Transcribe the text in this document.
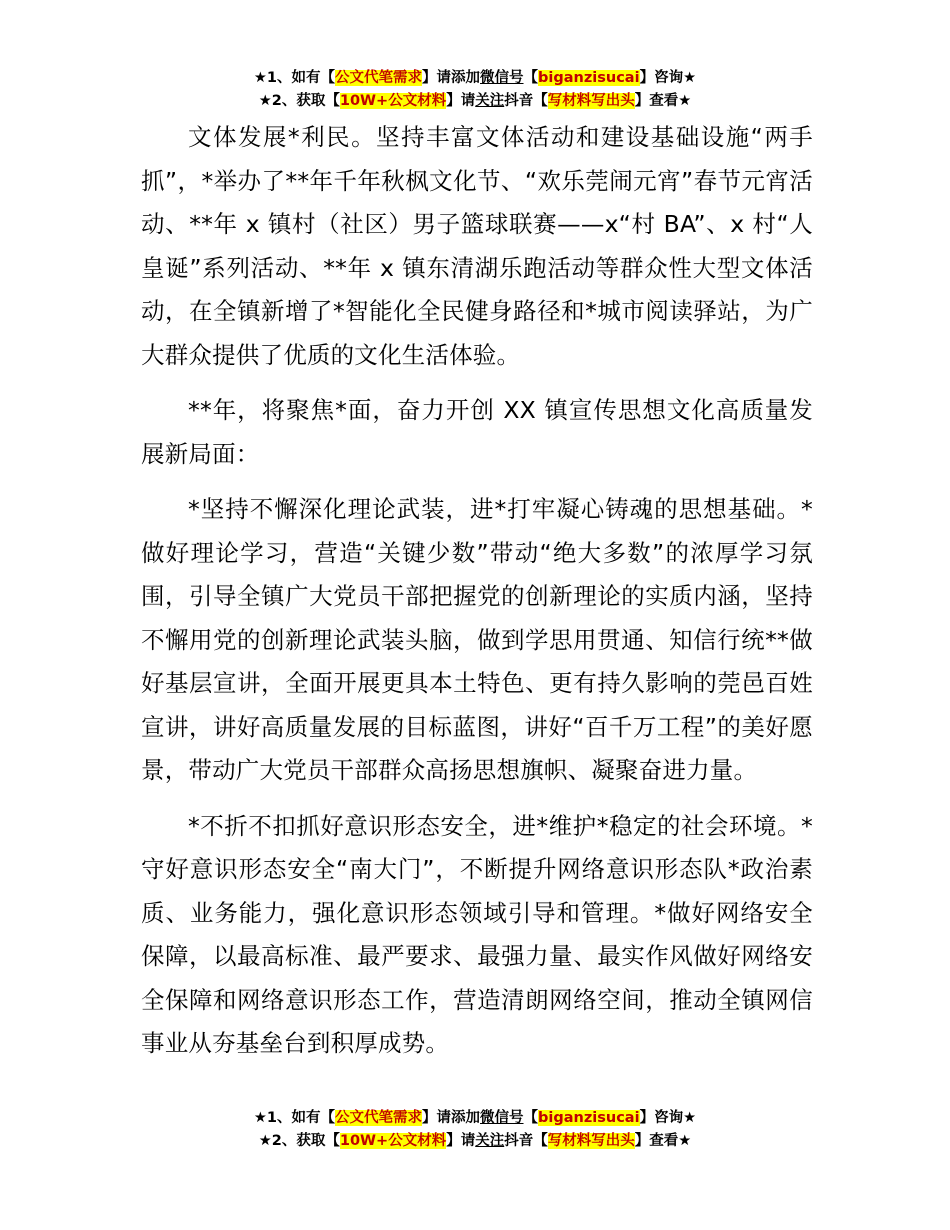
★1、如有【公文代笔需求】请添加微信号【biganzisucai】咨询★
★2、获取【10W+公文材料】请关注抖音【写材料写出头】查看★

文体发展*利民。坚持丰富文体活动和建设基础设施“两手抓”，*举办了**年千年秋枫文化节、“欢乐莞闹元宵”春节元宵活动、**年 x 镇村（社区）男子篮球联赛——x“村 BA”、x 村“人皇诞”系列活动、**年 x 镇东清湖乐跑活动等群众性大型文体活动，在全镇新增了*智能化全民健身路径和*城市阅读驿站，为广大群众提供了优质的文化生活体验。

**年，将聚焦*面，奋力开创 XX 镇宣传思想文化高质量发展新局面：

*坚持不懈深化理论武装，进*打牢凝心铸魂的思想基础。*做好理论学习，营造“关键少数”带动“绝大多数”的浓厚学习氛围，引导全镇广大党员干部把握党的创新理论的实质内涵，坚持不懈用党的创新理论武装头脑，做到学思用贯通、知信行统**做好基层宣讲，全面开展更具本土特色、更有持久影响的莞邑百姓宣讲，讲好高质量发展的目标蓝图，讲好“百千万工程”的美好愿景，带动广大党员干部群众高扬思想旗帜、凝聚奋进力量。

*不折不扣抓好意识形态安全，进*维护*稳定的社会环境。*守好意识形态安全“南大门”，不断提升网络意识形态队*政治素质、业务能力，强化意识形态领域引导和管理。*做好网络安全保障，以最高标准、最严要求、最强力量、最实作风做好网络安全保障和网络意识形态工作，营造清朗网络空间，推动全镇网信事业从夯基垒台到积厚成势。

★1、如有【公文代笔需求】请添加微信号【biganzisucai】咨询★
★2、获取【10W+公文材料】请关注抖音【写材料写出头】查看★
